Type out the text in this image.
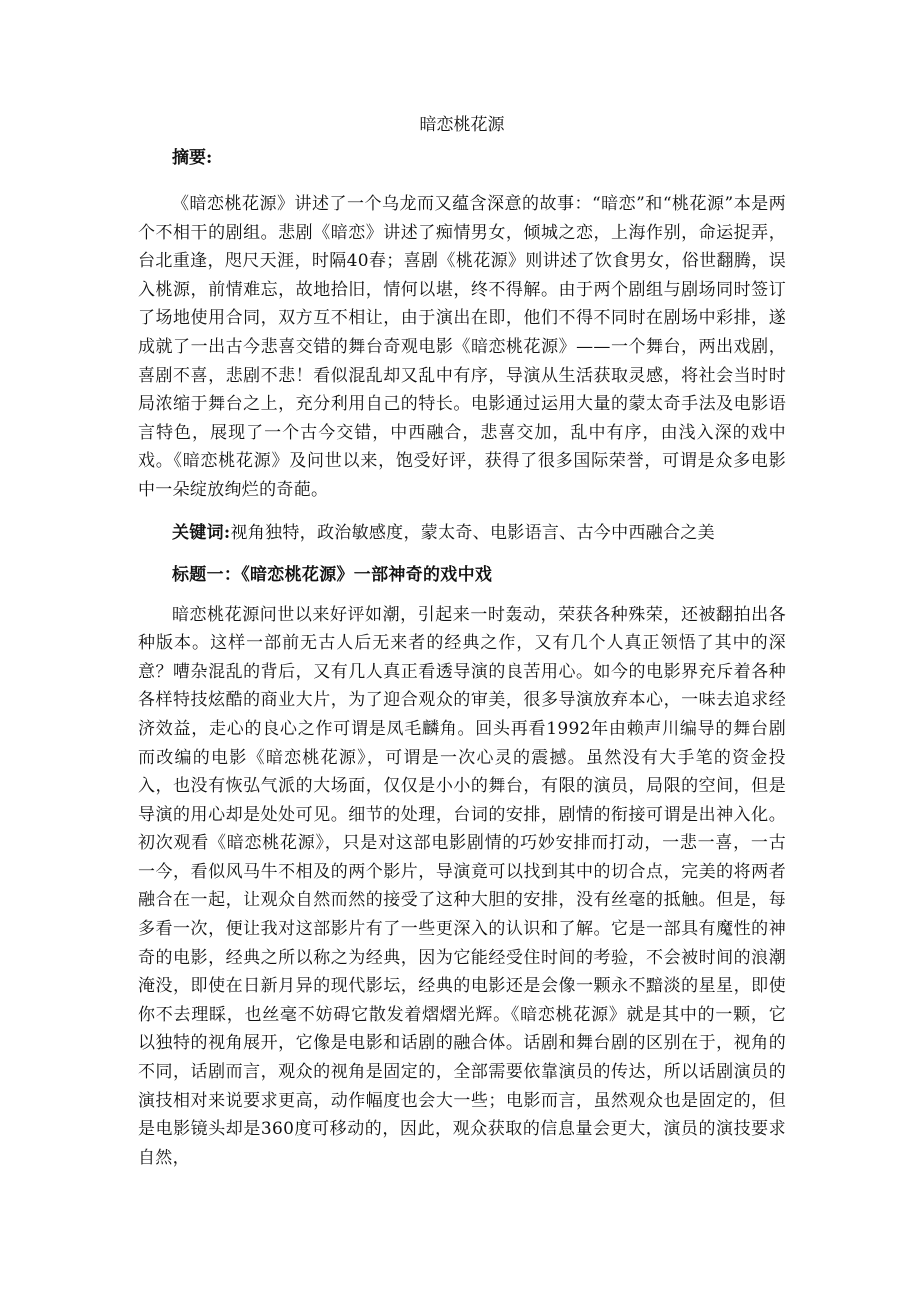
暗恋桃花源
摘要:

《暗恋桃花源》讲述了一个乌龙而又蕴含深意的故事：“暗恋”和“桃花源”本是两个不相干的剧组。悲剧《暗恋》讲述了痴情男女，倾城之恋，上海作别，命运捉弄，台北重逢，咫尺天涯，时隔40春；喜剧《桃花源》则讲述了饮食男女，俗世翻腾，误入桃源，前情难忘，故地拾旧，情何以堪，终不得解。由于两个剧组与剧场同时签订了场地使用合同，双方互不相让，由于演出在即，他们不得不同时在剧场中彩排，遂成就了一出古今悲喜交错的舞台奇观电影《暗恋桃花源》——一个舞台，两出戏剧，喜剧不喜，悲剧不悲！看似混乱却又乱中有序，导演从生活获取灵感，将社会当时时局浓缩于舞台之上，充分利用自己的特长。电影通过运用大量的蒙太奇手法及电影语言特色，展现了一个古今交错，中西融合，悲喜交加，乱中有序，由浅入深的戏中戏。《暗恋桃花源》及问世以来，饱受好评，获得了很多国际荣誉，可谓是众多电影中一朵绽放绚烂的奇葩。

关键词:视角独特，政治敏感度，蒙太奇、电影语言、古今中西融合之美
标题一：《暗恋桃花源》一部神奇的戏中戏

暗恋桃花源问世以来好评如潮，引起来一时轰动，荣获各种殊荣，还被翻拍出各种版本。这样一部前无古人后无来者的经典之作，又有几个人真正领悟了其中的深意？嘈杂混乱的背后，又有几人真正看透导演的良苦用心。如今的电影界充斥着各种各样特技炫酷的商业大片，为了迎合观众的审美，很多导演放弃本心，一味去追求经济效益，走心的良心之作可谓是凤毛麟角。回头再看1992年由赖声川编导的舞台剧而改编的电影《暗恋桃花源》，可谓是一次心灵的震撼。虽然没有大手笔的资金投入，也没有恢弘气派的大场面，仅仅是小小的舞台，有限的演员，局限的空间，但是导演的用心却是处处可见。细节的处理，台词的安排，剧情的衔接可谓是出神入化。初次观看《暗恋桃花源》，只是对这部电影剧情的巧妙安排而打动，一悲一喜，一古一今，看似风马牛不相及的两个影片，导演竟可以找到其中的切合点，完美的将两者融合在一起，让观众自然而然的接受了这种大胆的安排，没有丝毫的抵触。但是，每多看一次，便让我对这部影片有了一些更深入的认识和了解。它是一部具有魔性的神奇的电影，经典之所以称之为经典，因为它能经受住时间的考验，不会被时间的浪潮淹没，即使在日新月异的现代影坛，经典的电影还是会像一颗永不黯淡的星星，即使你不去理睬，也丝毫不妨碍它散发着熠熠光辉。《暗恋桃花源》就是其中的一颗，它以独特的视角展开，它像是电影和话剧的融合体。话剧和舞台剧的区别在于，视角的不同，话剧而言，观众的视角是固定的，全部需要依靠演员的传达，所以话剧演员的演技相对来说要求更高，动作幅度也会大一些；电影而言，虽然观众也是固定的，但是电影镜头却是360度可移动的，因此，观众获取的信息量会更大，演员的演技要求自然，
